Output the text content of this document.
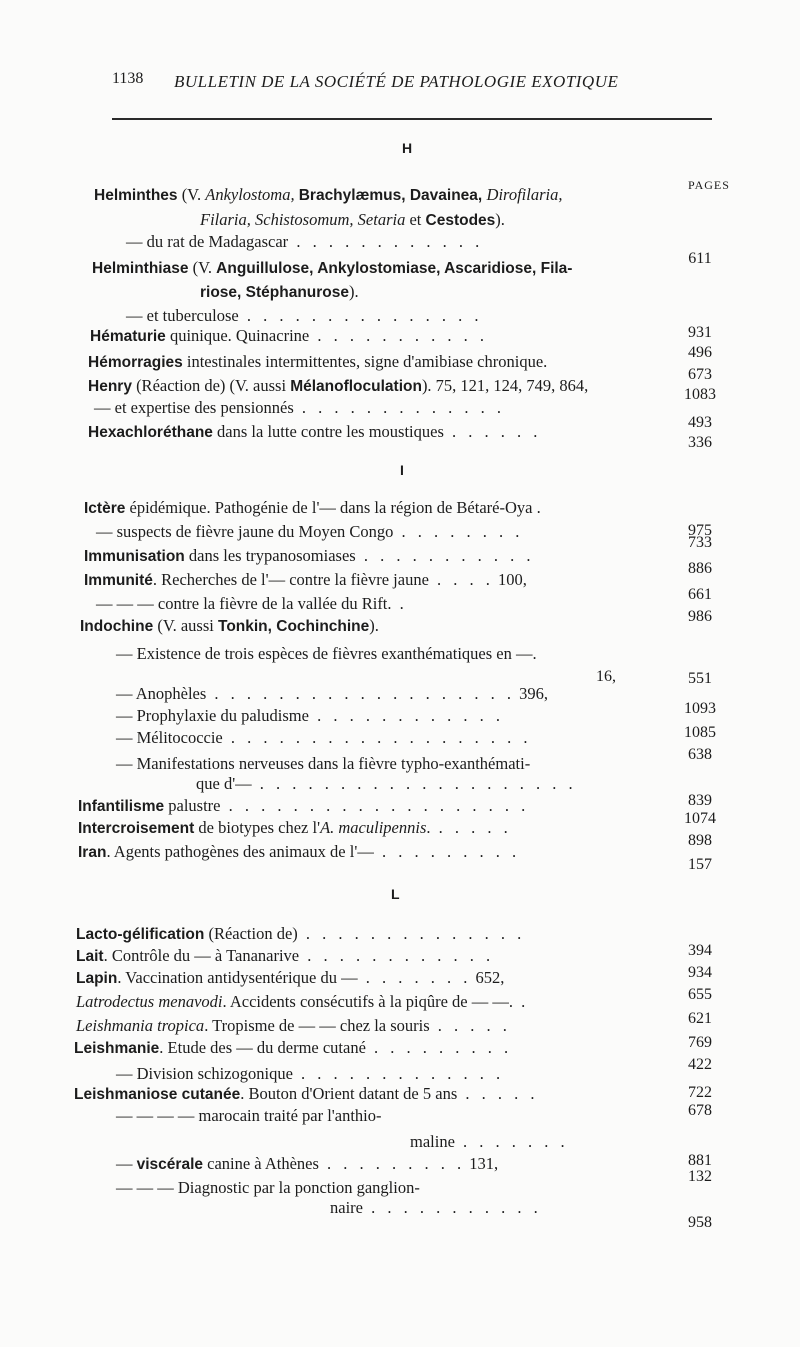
1138 BULLETIN DE LA SOCIÉTÉ DE PATHOLOGIE EXOTIQUE
PAGES
H
Helminthes (V. Ankylostoma, Brachylæmus, Davainea, Dirofilaria,
Filaria, Schistosomum, Setaria et Cestodes).
— du rat de Madagascar . . . . . . . . . . . .
611
Helminthiase (V. Anguillulose, Ankylostomiase, Ascaridiose, Fila-
riose, Stéphanurose).
— et tuberculose . . . . . . . . . . . . . . .
931
Hématurie quinique. Quinacrine . . . . . . . . . . .
496
Hémorragies intestinales intermittentes, signe d'amibiase chronique.
673
Henry (Réaction de) (V. aussi Mélanofloculation). 75, 121, 124, 749, 864,	1083
— et expertise des pensionnés . . . . . . . . . . . . .
493
Hexachloréthane dans la lutte contre les moustiques . . . . . .
336
I
Ictère épidémique. Pathogénie de l'— dans la région de Bétaré-Oya .
975
— suspects de fièvre jaune du Moyen Congo . . . . . . . .
733
Immunisation dans les trypanosomiases . . . . . . . . . . .
886
Immunité. Recherches de l'— contre la fièvre jaune . . . . 100,
661
— — — contre la fièvre de la vallée du Rift. .
986
Indochine (V. aussi Tonkin, Cochinchine).
— Existence de trois espèces de fièvres exanthématiques en —.
16,	551
— Anophèles . . . . . . . . . . . . . . . . . . . 396,
1093
— Prophylaxie du paludisme . . . . . . . . . . . .
1085
— Mélitococcie . . . . . . . . . . . . . . . . . . .
638
— Manifestations nerveuses dans la fièvre typho-exanthémati-
que d'— . . . . . . . . . . . . . . . . . . . .
839
Infantilisme palustre . . . . . . . . . . . . . . . . . . .
1074
Intercroisement de biotypes chez l'A. maculipennis. . . . . .
898
Iran. Agents pathogènes des animaux de l'— . . . . . . . . .
157
L
Lacto-gélification (Réaction de) . . . . . . . . . . . . . .
394
Lait. Contrôle du — à Tananarive . . . . . . . . . . . .
934
Lapin. Vaccination antidysentérique du — . . . . . . . 652,
655
Latrodectus menavodi. Accidents consécutifs à la piqûre de — —. .
621
Leishmania tropica. Tropisme de — — chez la souris . . . . .
769
Leishmanie. Etude des — du derme cutané . . . . . . . . .
422
— Division schizogonique . . . . . . . . . . . . .
722
Leishmaniose cutanée. Bouton d'Orient datant de 5 ans . . . . .
678
— — — — marocain traité par l'anthio-
maline . . . . . . .
881
— viscérale canine à Athènes . . . . . . . . . 131,
132
— — — Diagnostic par la ponction ganglion-
naire . . . . . . . . . . .
958
